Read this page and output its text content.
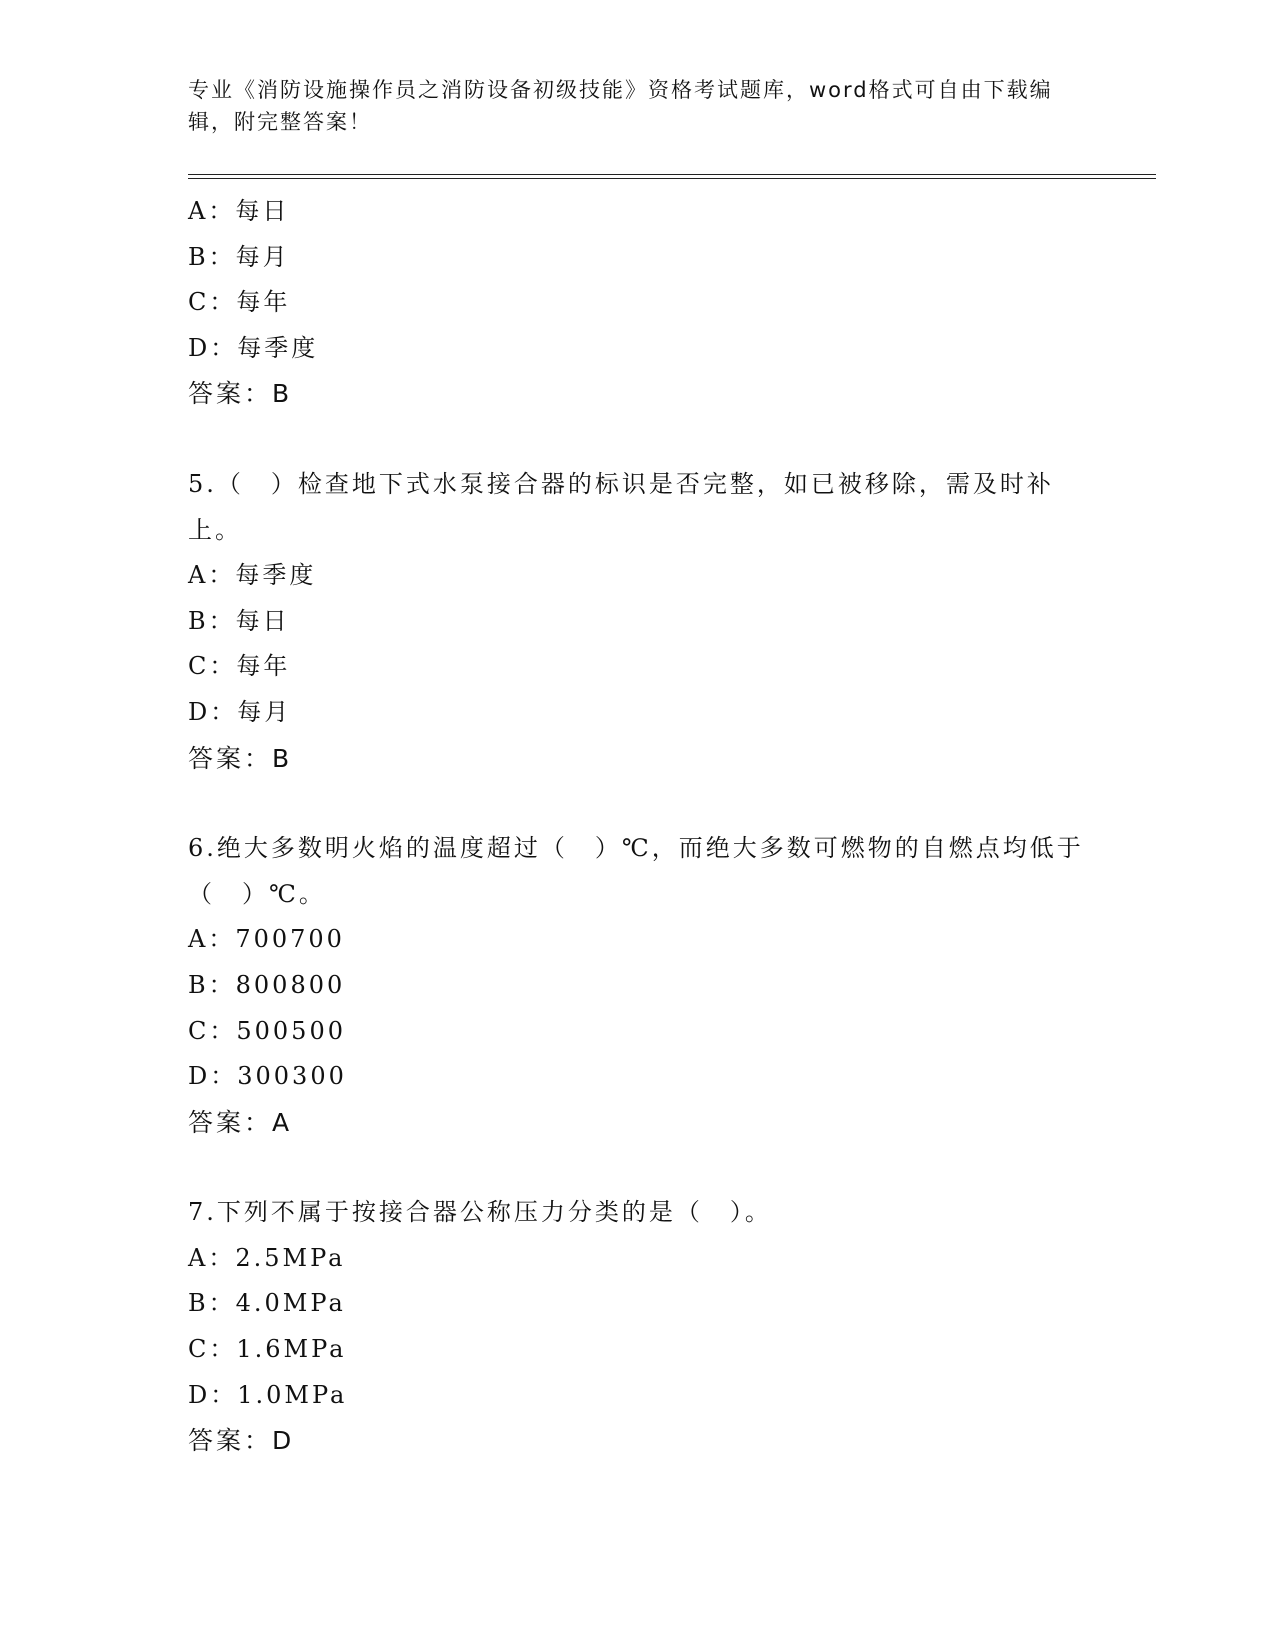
专业《消防设施操作员之消防设备初级技能》资格考试题库，word格式可自由下载编辑，附完整答案！
A：每日
B：每月
C：每年
D：每季度
答案：B
5.（　）检查地下式水泵接合器的标识是否完整，如已被移除，需及时补上。
A：每季度
B：每日
C：每年
D：每月
答案：B
6.绝大多数明火焰的温度超过（　）℃，而绝大多数可燃物的自燃点均低于（　）℃。
A：700700
B：800800
C：500500
D：300300
答案：A
7.下列不属于按接合器公称压力分类的是（　）。
A：2.5MPa
B：4.0MPa
C：1.6MPa
D：1.0MPa
答案：D
